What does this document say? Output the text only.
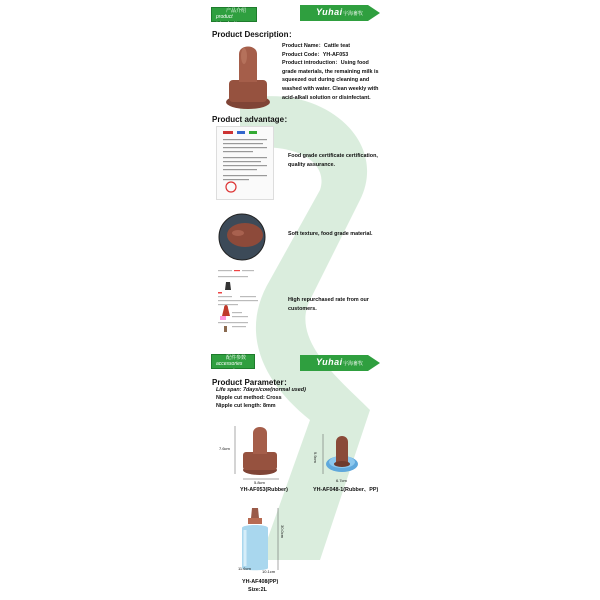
产品介绍
product introduction
Yuhai 宇海畜牧
Product Description：
Product Name：Cattle teat
Product Code：YH-AF053
Product introduction：Using food
grade materials, the remaining milk is
squeezed out during cleaning and
washed with water. Clean weekly with
acid-alkali solution or disinfectant.
Product advantage：
Food grade certificate certification,
quality assurance.
Soft texture, food grade material.
High repurchased rate from our
customers.
配件参数
accessories parameters
Yuhai 宇海畜牧
Product Parameter：
Life span: 7days/cow(normal used)
Nipple cut method: Cross
Nipple cut length: 8mm
7.6cm
5.8cm
YH-AF053(Rubber)
9.9cm
6.7cm
YH-AF048-1(Rubber、PP)
30.0cm
11.6cm
10.1cm
YH-AF408(PP)
Size:2L
